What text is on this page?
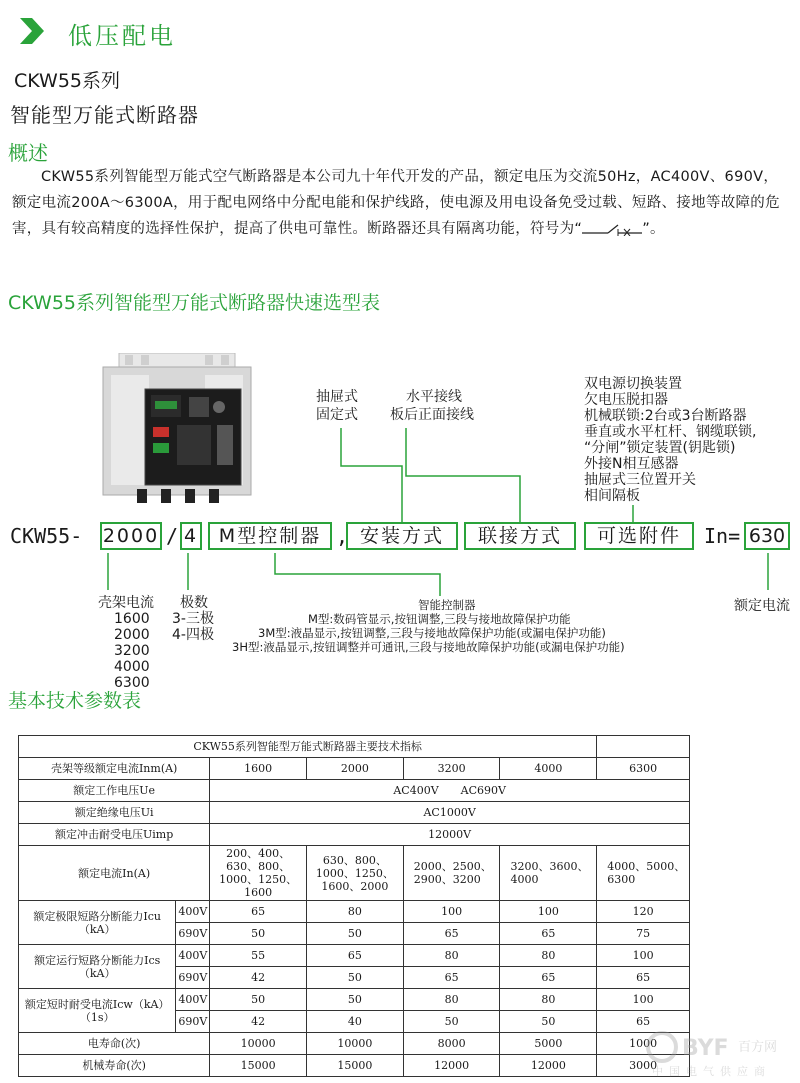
低压配电
CKW55系列
智能型万能式断路器
概述
CKW55系列智能型万能式空气断路器是本公司九十年代开发的产品，额定电压为交流50Hz，AC400V、690V，额定电流200A～6300A，用于配电网络中分配电能和保护线路，使电源及用电设备免受过载、短路、接地等故障的危害，具有较高精度的选择性保护，提高了供电可靠性。断路器还具有隔离功能，符号为“	”。
CKW55系列智能型万能式断路器快速选型表
抽屉式
固定式
水平接线
板后正面接线
双电源切换装置
欠电压脱扣器
机械联锁:2台或3台断路器
垂直或水平杠杆、钢缆联锁,
“分闸”锁定装置(钥匙锁)
外接N相互感器
抽屉式三位置开关
相间隔板
CKW55- 2000 / 4	M型控制器 , 安装方式	联接方式	可选附件	In= 630
壳架电流
1600
2000
3200
4000
6300
极数
3-三极
4-四极
智能控制器
M型:数码管显示,按钮调整,三段与接地故障保护功能
3M型:液晶显示,按钮调整,三段与接地故障保护功能(或漏电保护功能)
3H型:液晶显示,按钮调整并可通讯,三段与接地故障保护功能(或漏电保护功能)
额定电流
基本技术参数表
CKW55系列智能型万能式断路器主要技术指标						
壳架等级额定电流Inm(A)		1600	2000	3200	4000	6300
额定工作电压Ue		AC400V　　AC690V				
额定绝缘电压Ui		AC1000V				
额定冲击耐受电压Uimp		12000V				
额定电流In(A)		200、400、630、800、1000、1250、1600	630、800、1000、1250、1600、2000	2000、2500、2900、3200	3200、3600、4000	4000、5000、6300
额定极限短路分断能力Icu（kA）	400V	65	80	100	100	120
	690V	50	50	65	65	75
额定运行短路分断能力Ics（kA）	400V	55	65	80	80	100
	690V	42	50	65	65	65
额定短时耐受电流Icw（kA）（1s）	400V	50	50	80	80	100
	690V	42	40	50	50	65
电寿命(次)		10000	10000	8000	5000	1000
机械寿命(次)		15000	15000	12000	12000	3000
BYF 百方网
中国电气供应商
